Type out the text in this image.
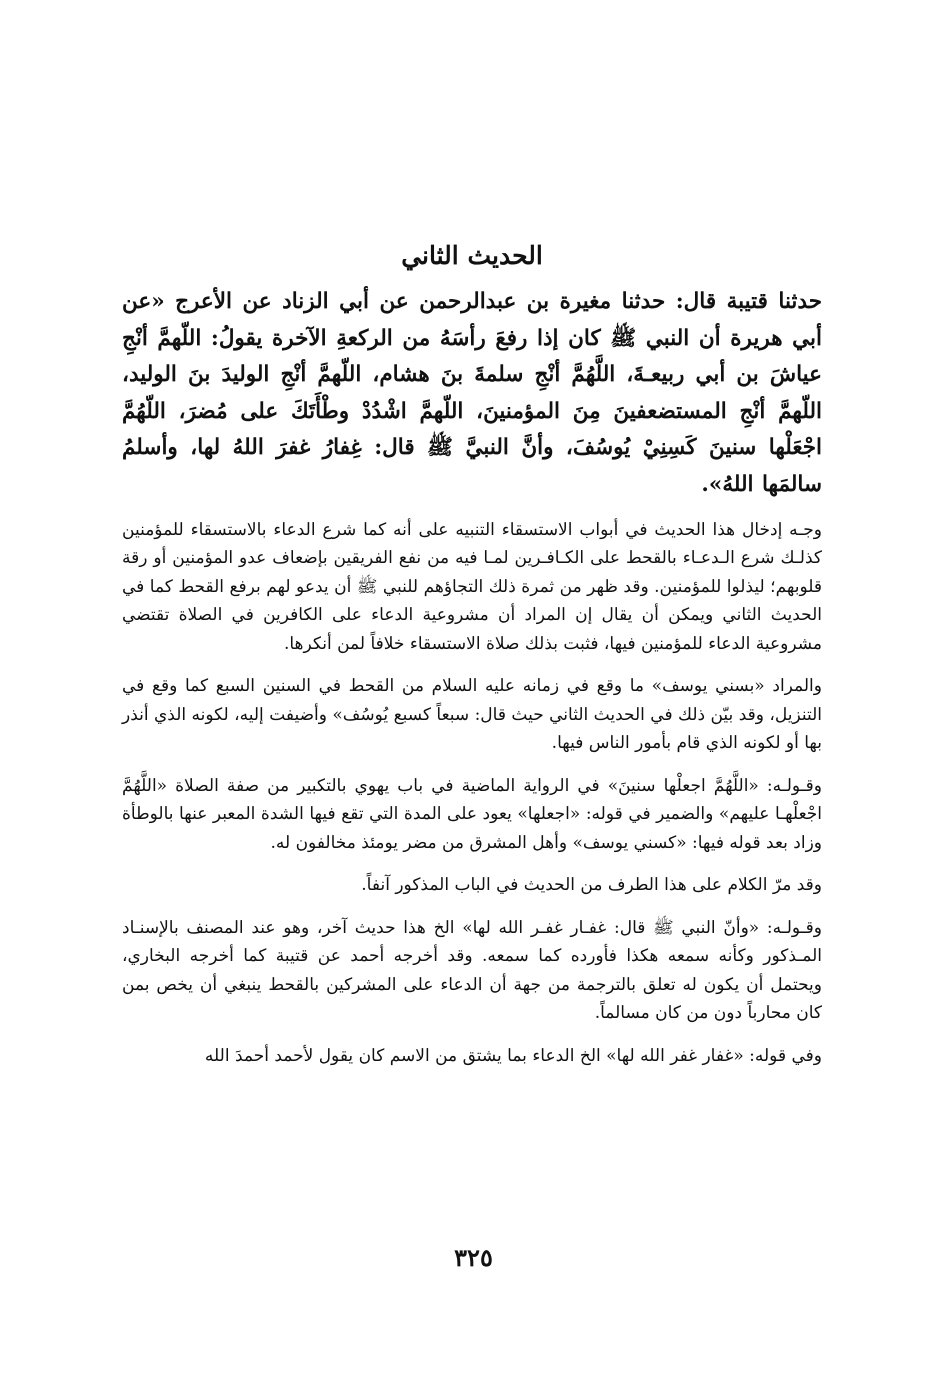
الحديث الثاني

حدثنا قتيبة قال: حدثنا مغيرة بن عبدالرحمن عن أبي الزناد عن الأعرج «عن أبي هريرة أن النبي ﷺ كان إذا رفعَ رأسَهُ من الركعةِ الآخرة يقولُ: اللّهمَّ أنْجِ عياشَ بن أبي ربيعـةَ، اللَّهُمَّ أنْجِ سلمةَ بنَ هشام، اللّهمَّ أنْجِ الوليدَ بنَ الوليد، اللّهمَّ أنْجِ المستضعفينَ مِنَ المؤمنينَ، اللّهمَّ اشْدُدْ وطْأَتَكَ على مُضرَ، اللّهُمَّ اجْعَلْها سنينَ كَسِنِيْ يُوسُفَ، وأنَّ النبيَّ ﷺ قال: غِفارُ غفرَ اللهُ لها، وأسلمُ سالمَها اللهُ».

وجـه إدخال هذا الحديث في أبواب الاستسقاء التنبيه على أنه كما شرع الدعاء بالاستسقاء للمؤمنين كذلـك شرع الـدعـاء بالقحط على الكـافـرين لمـا فيه من نفع الفريقين بإضعاف عدو المؤمنين أو رقة قلوبهم؛ ليذلوا للمؤمنين. وقد ظهر من ثمرة ذلك التجاؤهم للنبي ﷺ أن يدعو لهم برفع القحط كما في الحديث الثاني ويمكن أن يقال إن المراد أن مشروعية الدعاء على الكافرين في الصلاة تقتضي مشروعية الدعاء للمؤمنين فيها، فثبت بذلك صلاة الاستسقاء خلافاً لمن أنكرها.

والمراد «بسني يوسف» ما وقع في زمانه عليه السلام من القحط في السنين السبع كما وقع في التنزيل، وقد بيّن ذلك في الحديث الثاني حيث قال: سبعاً كسبع يُوسُف» وأضيفت إليه، لكونه الذي أنذر بها أو لكونه الذي قام بأمور الناس فيها.

وقـولـه: «اللَّهُمَّ اجعلْها سنينَ» في الرواية الماضية في باب يهوي بالتكبير من صفة الصلاة «اللَّهُمَّ اجْعلْهـا عليهم» والضمير في قوله: «اجعلها» يعود على المدة التي تقع فيها الشدة المعبر عنها بالوطأة وزاد بعد قوله فيها: «كسني يوسف» وأهل المشرق من مضر يومئذ مخالفون له.

وقد مرّ الكلام على هذا الطرف من الحديث في الباب المذكور آنفاً.

وقـولـه: «وأنّ النبي ﷺ قال: غفـار غفـر الله لها» الخ هذا حديث آخر، وهو عند المصنف بالإسنـاد المـذكور وكأنه سمعه هكذا فأورده كما سمعه. وقد أخرجه أحمد عن قتيبة كما أخرجه البخاري، ويحتمل أن يكون له تعلق بالترجمة من جهة أن الدعاء على المشركين بالقحط ينبغي أن يخص بمن كان محارباً دون من كان مسالماً.

وفي قوله: «غفار غفر الله لها» الخ الدعاء بما يشتق من الاسم كان يقول لأحمد أحمدَ الله

٣٢٥
